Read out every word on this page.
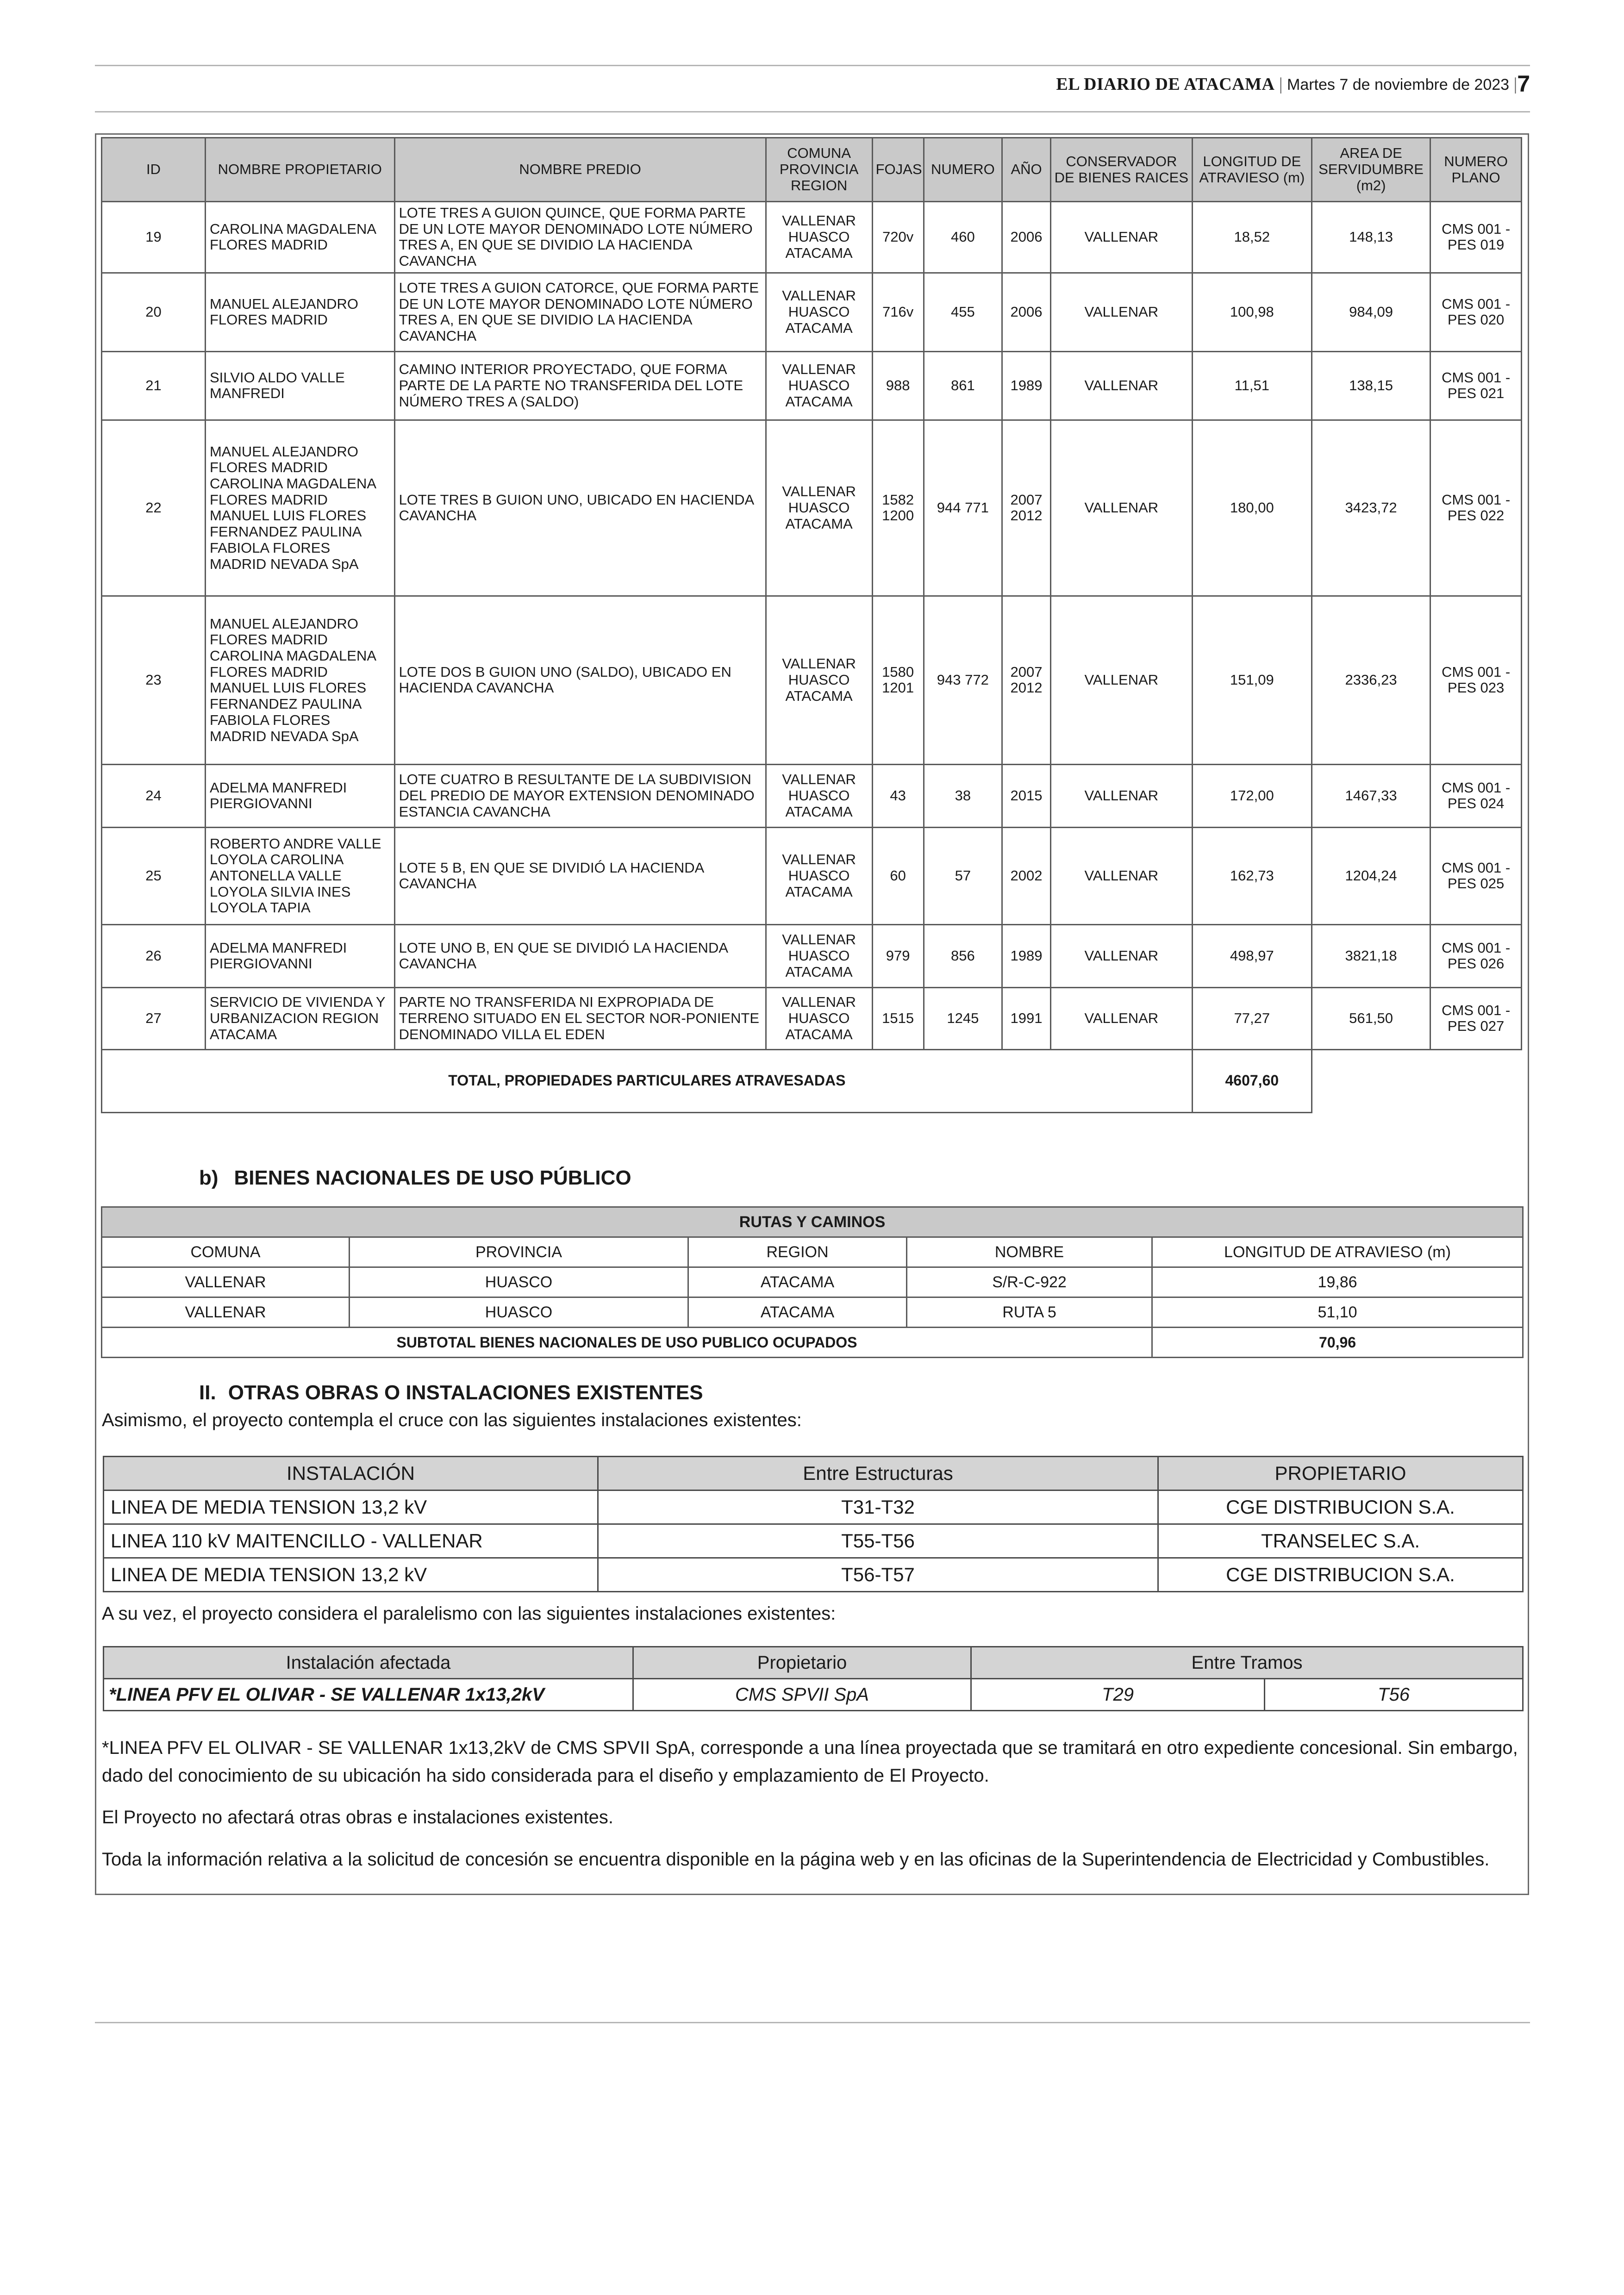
EL DIARIO DE ATACAMA | Martes 7 de noviembre de 2023 |7
ID	NOMBRE PROPIETARIO	NOMBRE PREDIO	COMUNA PROVINCIA REGION	FOJAS	NUMERO	AÑO	CONSERVADOR DE BIENES RAICES	LONGITUD DE ATRAVIESO (m)	AREA DE SERVIDUMBRE (m2)	NUMERO PLANO
19	CAROLINA MAGDALENA FLORES MADRID	LOTE TRES A GUION QUINCE, QUE FORMA PARTE DE UN LOTE MAYOR DENOMINADO LOTE NÚMERO TRES A, EN QUE SE DIVIDIO LA HACIENDA CAVANCHA	VALLENAR HUASCO ATACAMA	720v	460	2006	VALLENAR	18,52	148,13	CMS 001 - PES 019
20	MANUEL ALEJANDRO FLORES MADRID	LOTE TRES A GUION CATORCE, QUE FORMA PARTE DE UN LOTE MAYOR DENOMINADO LOTE NÚMERO TRES A, EN QUE SE DIVIDIO LA HACIENDA CAVANCHA	VALLENAR HUASCO ATACAMA	716v	455	2006	VALLENAR	100,98	984,09	CMS 001 - PES 020
21	SILVIO ALDO VALLE MANFREDI	CAMINO INTERIOR PROYECTADO, QUE FORMA PARTE DE LA PARTE NO TRANSFERIDA DEL LOTE NÚMERO TRES A (SALDO)	VALLENAR HUASCO ATACAMA	988	861	1989	VALLENAR	11,51	138,15	CMS 001 - PES 021
22	MANUEL ALEJANDRO FLORES MADRID CAROLINA MAGDALENA FLORES MADRID MANUEL LUIS FLORES FERNANDEZ PAULINA FABIOLA FLORES MADRID NEVADA SpA	LOTE TRES B GUION UNO, UBICADO EN HACIENDA CAVANCHA	VALLENAR HUASCO ATACAMA	1582 1200	944 771	2007 2012	VALLENAR	180,00	3423,72	CMS 001 - PES 022
23	MANUEL ALEJANDRO FLORES MADRID CAROLINA MAGDALENA FLORES MADRID MANUEL LUIS FLORES FERNANDEZ PAULINA FABIOLA FLORES MADRID NEVADA SpA	LOTE DOS B GUION UNO (SALDO), UBICADO EN HACIENDA CAVANCHA	VALLENAR HUASCO ATACAMA	1580 1201	943 772	2007 2012	VALLENAR	151,09	2336,23	CMS 001 - PES 023
24	ADELMA MANFREDI PIERGIOVANNI	LOTE CUATRO B RESULTANTE DE LA SUBDIVISION DEL PREDIO DE MAYOR EXTENSION DENOMINADO ESTANCIA CAVANCHA	VALLENAR HUASCO ATACAMA	43	38	2015	VALLENAR	172,00	1467,33	CMS 001 - PES 024
25	ROBERTO ANDRE VALLE LOYOLA CAROLINA ANTONELLA VALLE LOYOLA SILVIA INES LOYOLA TAPIA	LOTE 5 B, EN QUE SE DIVIDIÓ LA HACIENDA CAVANCHA	VALLENAR HUASCO ATACAMA	60	57	2002	VALLENAR	162,73	1204,24	CMS 001 - PES 025
26	ADELMA MANFREDI PIERGIOVANNI	LOTE UNO B, EN QUE SE DIVIDIÓ LA HACIENDA CAVANCHA	VALLENAR HUASCO ATACAMA	979	856	1989	VALLENAR	498,97	3821,18	CMS 001 - PES 026
27	SERVICIO DE VIVIENDA Y URBANIZACION REGION ATACAMA	PARTE NO TRANSFERIDA NI EXPROPIADA DE TERRENO SITUADO EN EL SECTOR NOR-PONIENTE DENOMINADO VILLA EL EDEN	VALLENAR HUASCO ATACAMA	1515	1245	1991	VALLENAR	77,27	561,50	CMS 001 - PES 027
TOTAL, PROPIEDADES PARTICULARES ATRAVESADAS								4607,60		
b) BIENES NACIONALES DE USO PÚBLICO
RUTAS Y CAMINOS				
COMUNA	PROVINCIA	REGION	NOMBRE	LONGITUD DE ATRAVIESO (m)
VALLENAR	HUASCO	ATACAMA	S/R-C-922	19,86
VALLENAR	HUASCO	ATACAMA	RUTA 5	51,10
SUBTOTAL BIENES NACIONALES DE USO PUBLICO OCUPADOS				70,96
II. OTRAS OBRAS O INSTALACIONES EXISTENTES
Asimismo, el proyecto contempla el cruce con las siguientes instalaciones existentes:
INSTALACIÓN	Entre Estructuras	PROPIETARIO
LINEA DE MEDIA TENSION 13,2 kV	T31-T32	CGE DISTRIBUCION S.A.
LINEA 110 kV MAITENCILLO - VALLENAR	T55-T56	TRANSELEC S.A.
LINEA DE MEDIA TENSION 13,2 kV	T56-T57	CGE DISTRIBUCION S.A.
A su vez, el proyecto considera el paralelismo con las siguientes instalaciones existentes:
Instalación afectada	Propietario	Entre Tramos	
*LINEA PFV EL OLIVAR - SE VALLENAR 1x13,2kV	CMS SPVII SpA	T29	T56
*LINEA PFV EL OLIVAR - SE VALLENAR 1x13,2kV de CMS SPVII SpA, corresponde a una línea proyectada que se tramitará en otro expediente concesional. Sin embargo, dado del conocimiento de su ubicación ha sido considerada para el diseño y emplazamiento de El Proyecto.
El Proyecto no afectará otras obras e instalaciones existentes.
Toda la información relativa a la solicitud de concesión se encuentra disponible en la página web y en las oficinas de la Superintendencia de Electricidad y Combustibles.
